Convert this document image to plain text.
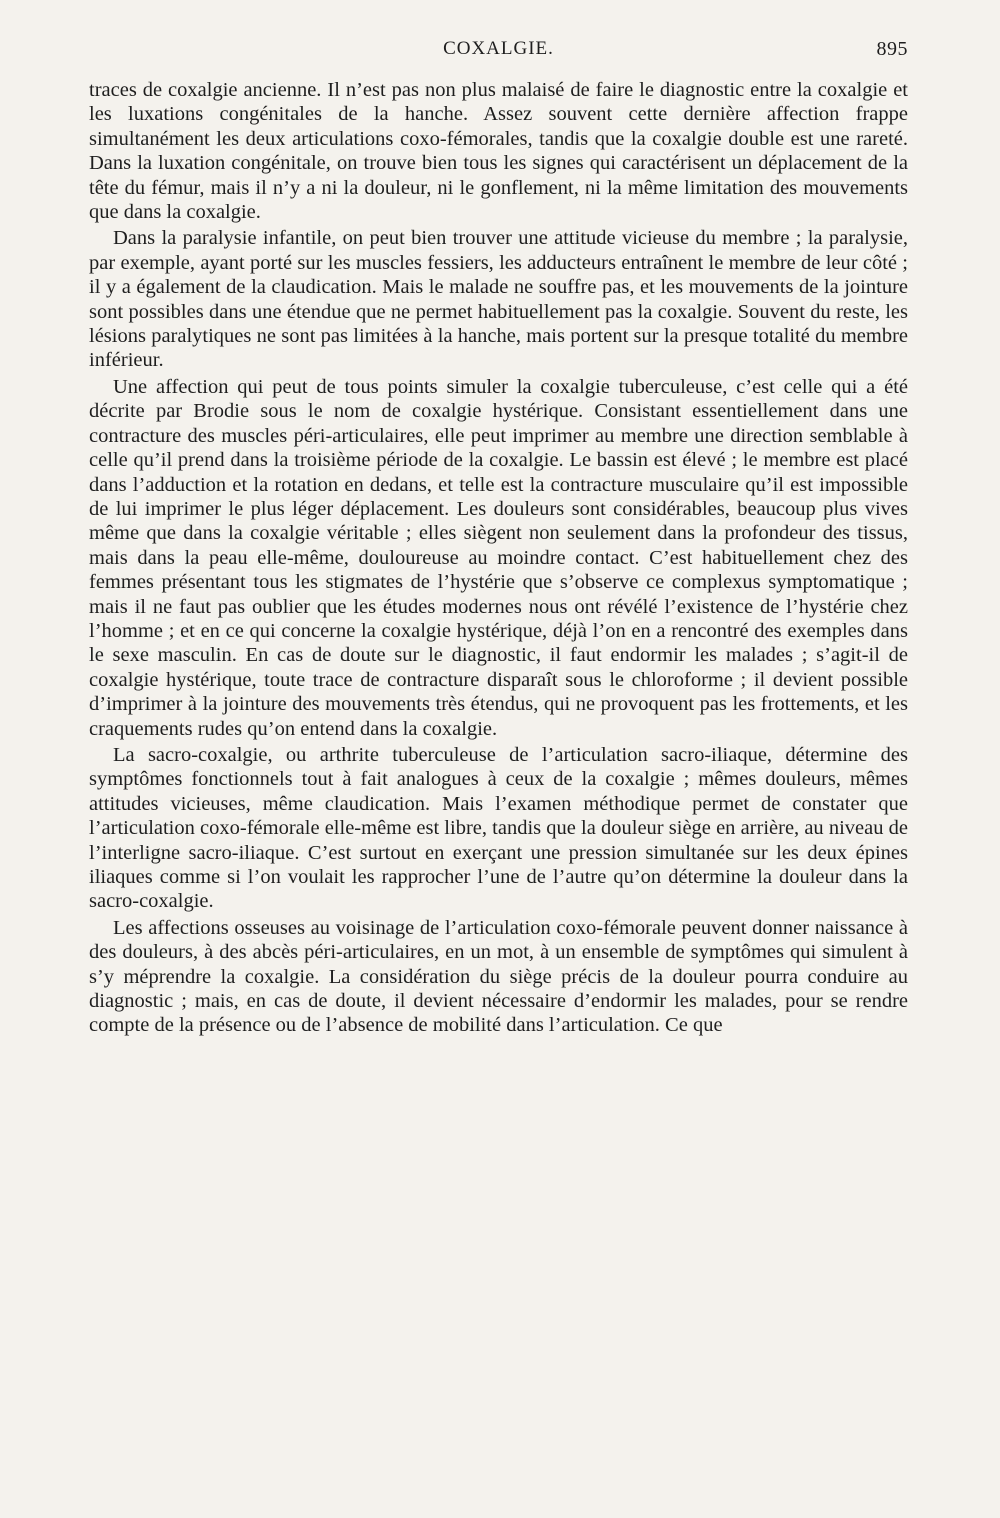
COXALGIE.	895

traces de coxalgie ancienne. Il n’est pas non plus malaisé de faire le diagnostic entre la coxalgie et les luxations congénitales de la hanche. Assez souvent cette dernière affection frappe simultanément les deux articulations coxo-fémorales, tandis que la coxalgie double est une rareté. Dans la luxation congénitale, on trouve bien tous les signes qui caractérisent un déplacement de la tête du fémur, mais il n’y a ni la douleur, ni le gonflement, ni la même limitation des mouvements que dans la coxalgie.

Dans la paralysie infantile, on peut bien trouver une attitude vicieuse du membre ; la paralysie, par exemple, ayant porté sur les muscles fessiers, les adducteurs entraînent le membre de leur côté ; il y a également de la claudication. Mais le malade ne souffre pas, et les mouvements de la jointure sont possibles dans une étendue que ne permet habituellement pas la coxalgie. Souvent du reste, les lésions paralytiques ne sont pas limitées à la hanche, mais portent sur la presque totalité du membre inférieur.

Une affection qui peut de tous points simuler la coxalgie tuberculeuse, c’est celle qui a été décrite par Brodie sous le nom de coxalgie hystérique. Consistant essentiellement dans une contracture des muscles péri-articulaires, elle peut imprimer au membre une direction semblable à celle qu’il prend dans la troisième période de la coxalgie. Le bassin est élevé ; le membre est placé dans l’adduction et la rotation en dedans, et telle est la contracture musculaire qu’il est impossible de lui imprimer le plus léger déplacement. Les douleurs sont considérables, beaucoup plus vives même que dans la coxalgie véritable ; elles siègent non seulement dans la profondeur des tissus, mais dans la peau elle-même, douloureuse au moindre contact. C’est habituellement chez des femmes présentant tous les stigmates de l’hystérie que s’observe ce complexus symptomatique ; mais il ne faut pas oublier que les études modernes nous ont révélé l’existence de l’hystérie chez l’homme ; et en ce qui concerne la coxalgie hystérique, déjà l’on en a rencontré des exemples dans le sexe masculin. En cas de doute sur le diagnostic, il faut endormir les malades ; s’agit-il de coxalgie hystérique, toute trace de contracture disparaît sous le chloroforme ; il devient possible d’imprimer à la jointure des mouvements très étendus, qui ne provoquent pas les frottements, et les craquements rudes qu’on entend dans la coxalgie.

La sacro-coxalgie, ou arthrite tuberculeuse de l’articulation sacro-iliaque, détermine des symptômes fonctionnels tout à fait analogues à ceux de la coxalgie ; mêmes douleurs, mêmes attitudes vicieuses, même claudication. Mais l’examen méthodique permet de constater que l’articulation coxo-fémorale elle-même est libre, tandis que la douleur siège en arrière, au niveau de l’interligne sacro-iliaque. C’est surtout en exerçant une pression simultanée sur les deux épines iliaques comme si l’on voulait les rapprocher l’une de l’autre qu’on détermine la douleur dans la sacro-coxalgie.

Les affections osseuses au voisinage de l’articulation coxo-fémorale peuvent donner naissance à des douleurs, à des abcès péri-articulaires, en un mot, à un ensemble de symptômes qui simulent à s’y méprendre la coxalgie. La considération du siège précis de la douleur pourra conduire au diagnostic ; mais, en cas de doute, il devient nécessaire d’endormir les malades, pour se rendre compte de la présence ou de l’absence de mobilité dans l’articulation. Ce que
